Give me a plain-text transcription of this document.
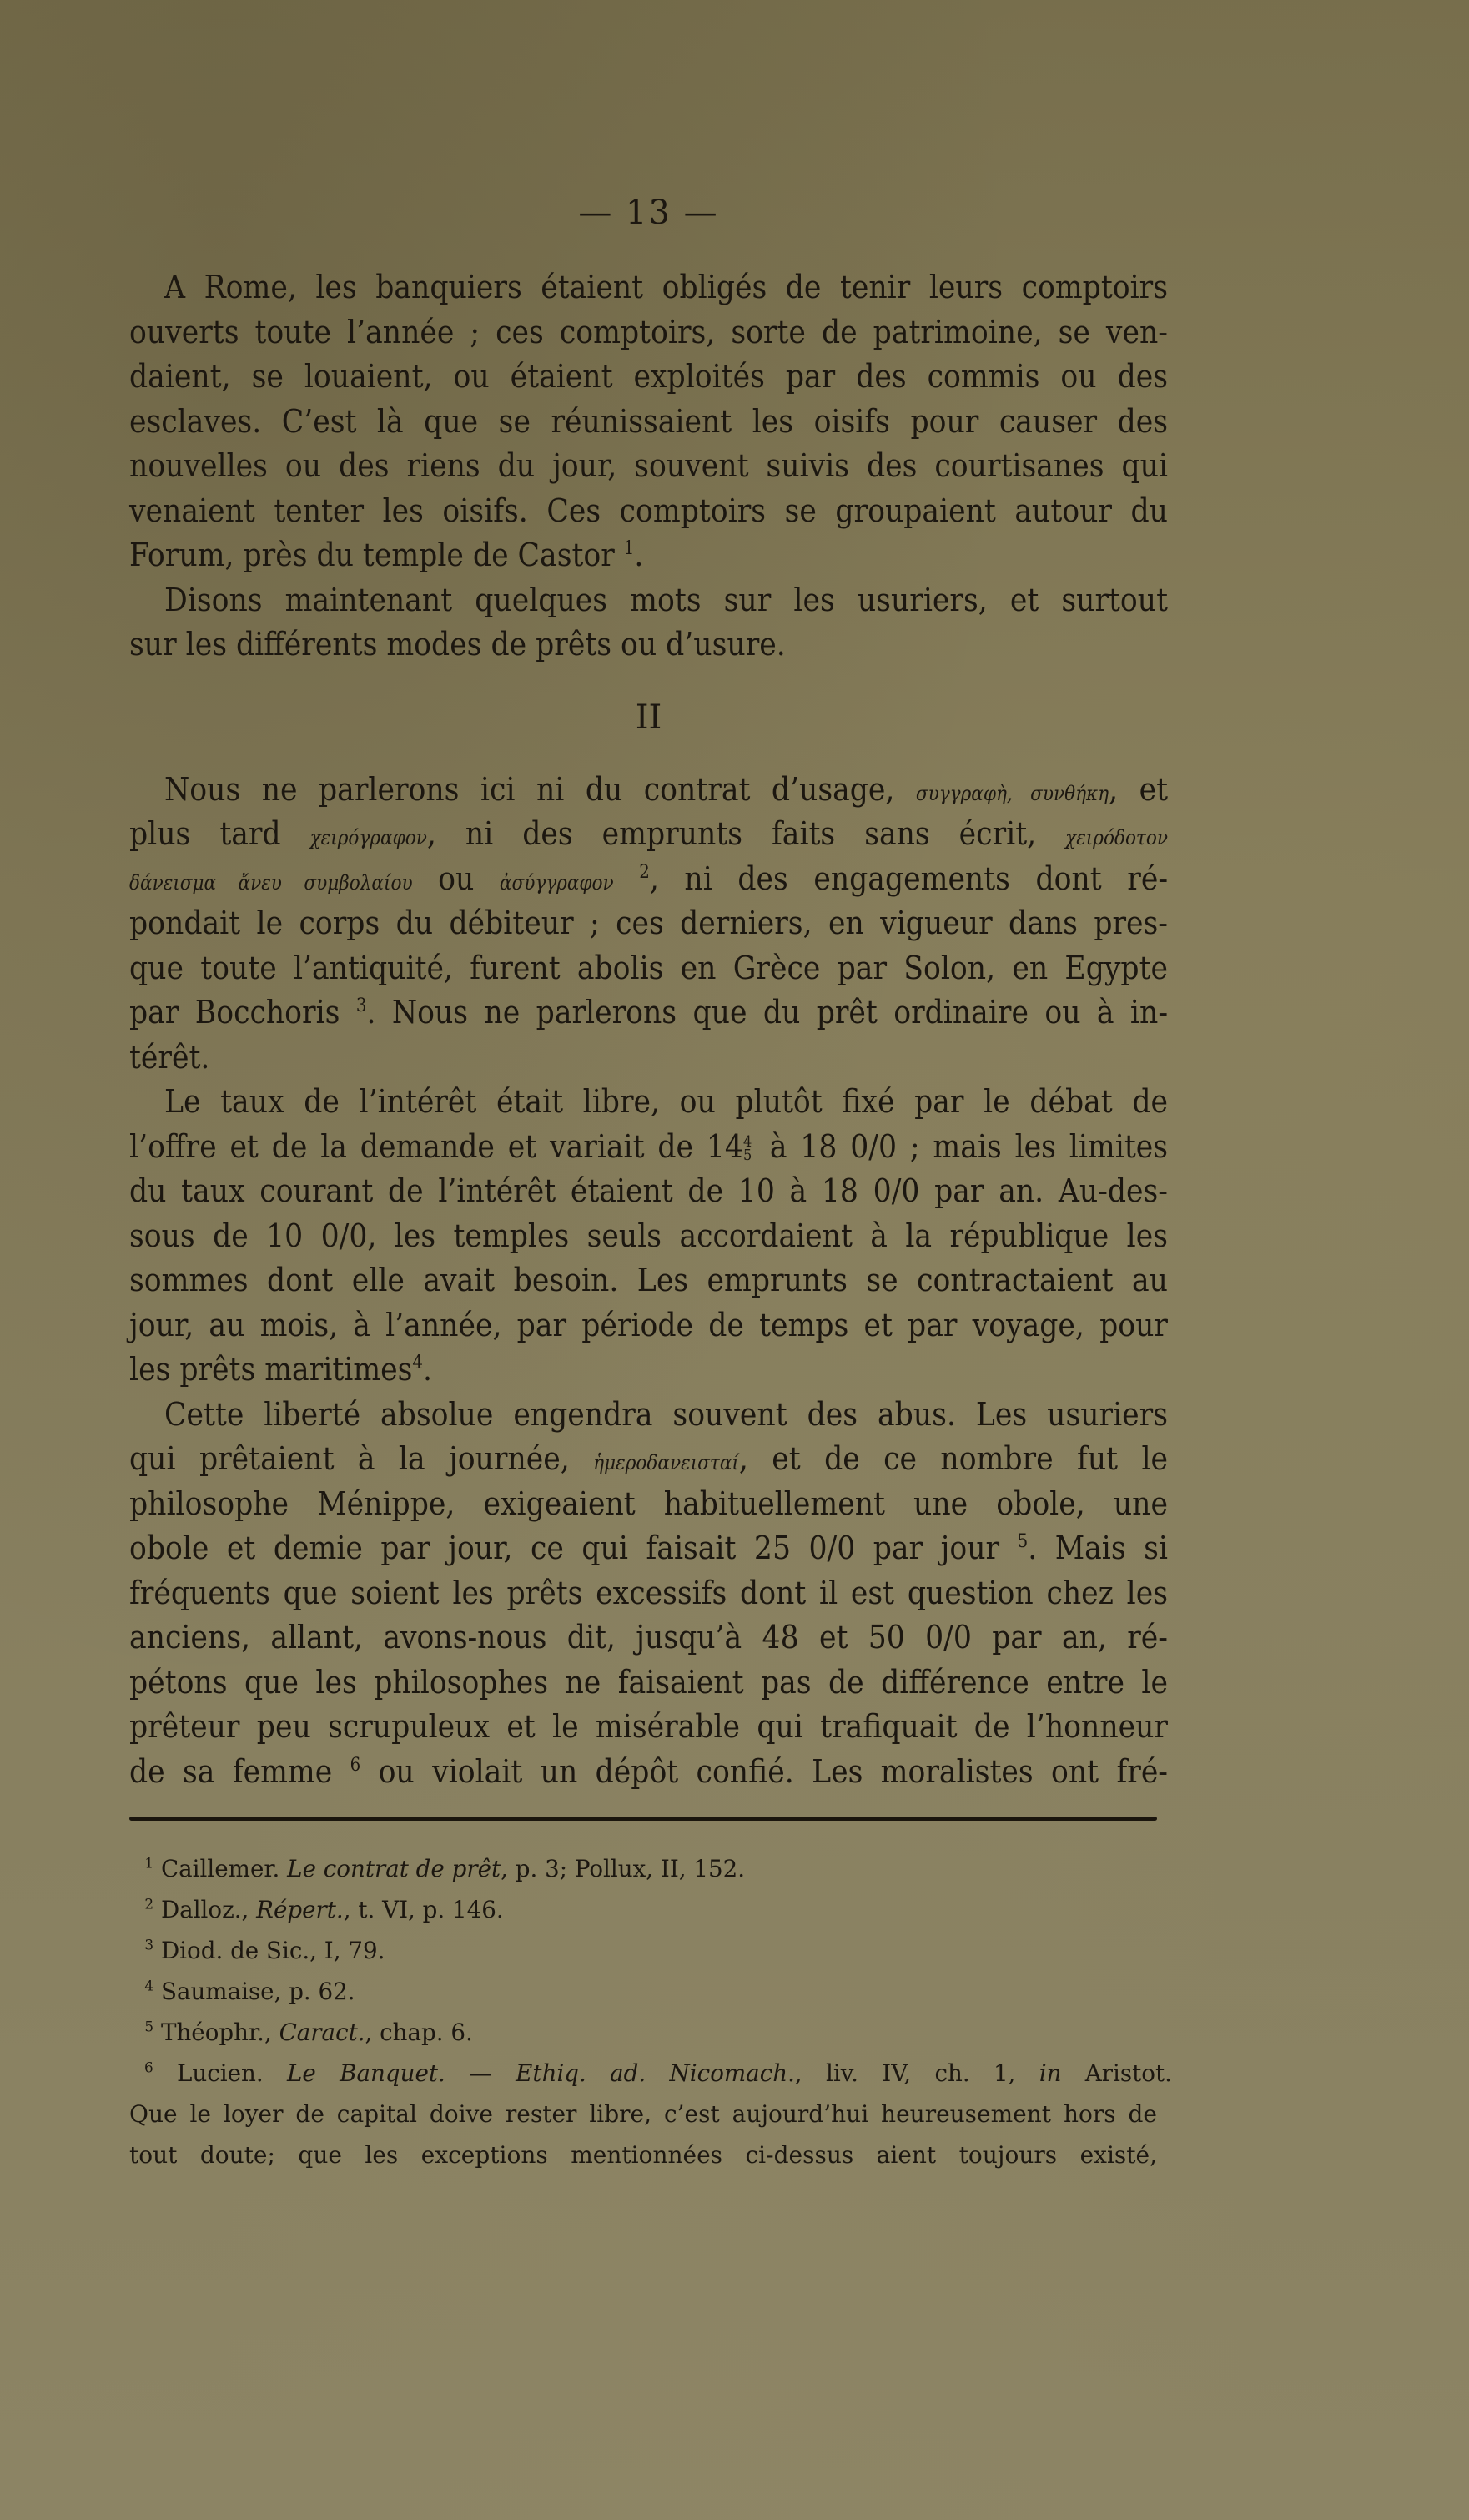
— 13 —
A Rome, les banquiers étaient obligés de tenir leurs comptoirs
ouverts toute l’année ; ces comptoirs, sorte de patrimoine, se ven-
daient, se louaient, ou étaient exploités par des commis ou des
esclaves. C’est là que se réunissaient les oisifs pour causer des
nouvelles ou des riens du jour, souvent suivis des courtisanes qui
venaient tenter les oisifs. Ces comptoirs se groupaient autour du
Forum, près du temple de Castor $^1$.
Disons maintenant quelques mots sur les usuriers, et surtout
sur les différents modes de prêts ou d’usure.
II
Nous ne parlerons ici ni du contrat d’usage, συγγραφὴ, συνθήκη, et
plus tard χειρόγραφον, ni des emprunts faits sans écrit, χειρόδοτον
δάνεισμα ἄνευ συμβολαίου ou ἀσύγγραφον $^2$, ni des engagements dont ré-
pondait le corps du débiteur ; ces derniers, en vigueur dans pres-
que toute l’antiquité, furent abolis en Grèce par Solon, en Egypte
par Bocchoris $^3$. Nous ne parlerons que du prêt ordinaire ou à in-
térêt.
Le taux de l’intérêt était libre, ou plutôt fixé par le débat de
l’offre et de la demande et variait de 14 4
5 à 18 0/0 ; mais les limites
du taux courant de l’intérêt étaient de 10 à 18 0/0 par an. Au-des-
sous de 10 0/0, les temples seuls accordaient à la république les
sommes dont elle avait besoin. Les emprunts se contractaient au
jour, au mois, à l’année, par période de temps et par voyage, pour
les prêts maritimes$^4$.
Cette liberté absolue engendra souvent des abus. Les usuriers
qui prêtaient à la journée, ἡμεροδανεισταί, et de ce nombre fut le
philosophe Ménippe, exigeaient habituellement une obole, une
obole et demie par jour, ce qui faisait 25 0/0 par jour $^5$. Mais si
fréquents que soient les prêts excessifs dont il est question chez les
anciens, allant, avons-nous dit, jusqu’à 48 et 50 0/0 par an, ré-
pétons que les philosophes ne faisaient pas de différence entre le
prêteur peu scrupuleux et le misérable qui trafiquait de l’honneur
de sa femme $^6$ ou violait un dépôt confié. Les moralistes ont fré-
$^1$ Caillemer. Le contrat de prêt, p. 3; Pollux, II, 152.
$^2$ Dalloz., Répert., t. VI, p. 146.
$^3$ Diod. de Sic., I, 79.
$^4$ Saumaise, p. 62.
$^5$ Théophr., Caract., chap. 6.
$^6$ Lucien. Le Banquet. — Ethiq. ad. Nicomach., liv. IV, ch. 1, in Aristot.
Que le loyer de capital doive rester libre, c’est aujourd’hui heureusement hors de
tout doute; que les exceptions mentionnées ci-dessus aient toujours existé,
